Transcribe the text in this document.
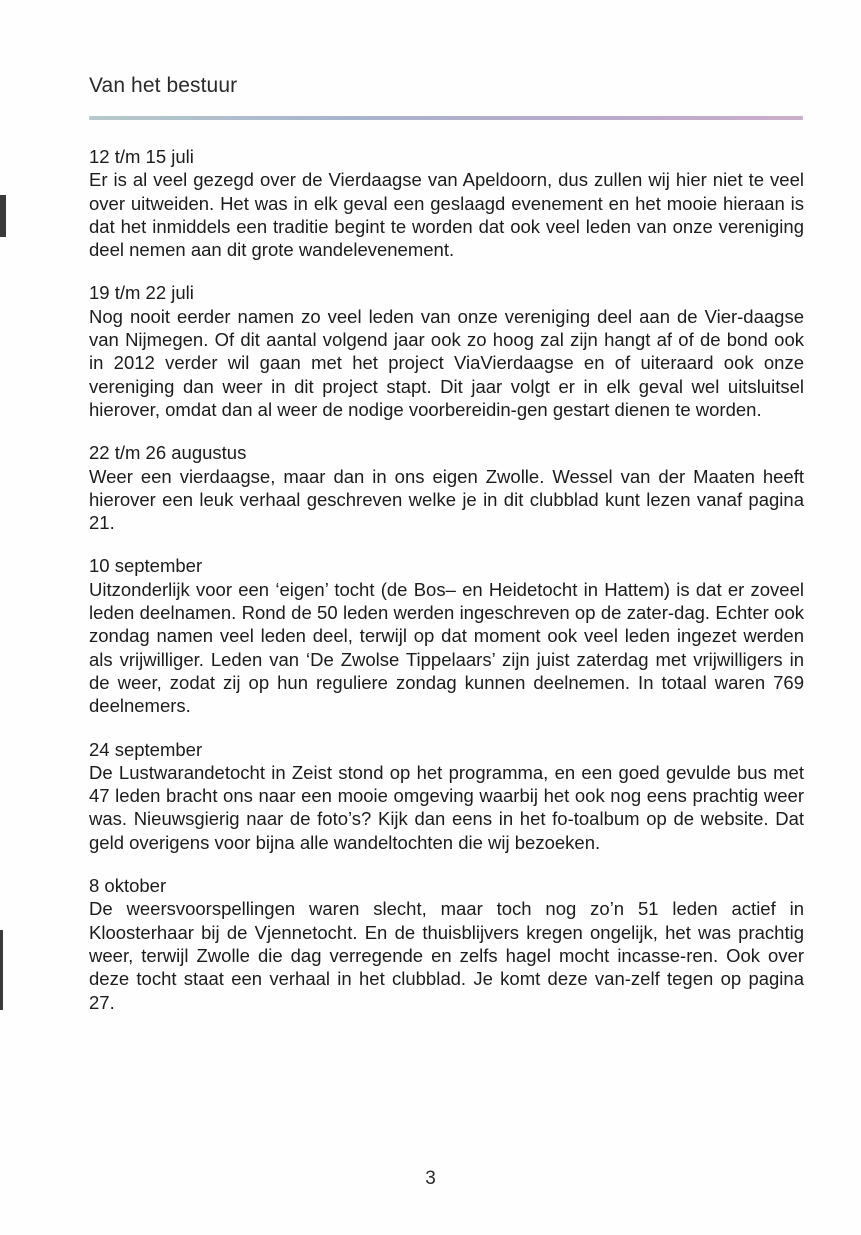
Van het bestuur
12 t/m 15 juli

Er is al veel gezegd over de Vierdaagse van Apeldoorn, dus zullen wij hier niet te veel over uitweiden. Het was in elk geval een geslaagd evenement en het mooie hieraan is dat het inmiddels een traditie begint te worden dat ook veel leden van onze vereniging deel nemen aan dit grote wandelevenement.

19 t/m 22 juli

Nog nooit eerder namen zo veel leden van onze vereniging deel aan de Vier-daagse van Nijmegen. Of dit aantal volgend jaar ook zo hoog zal zijn hangt af of de bond ook in 2012 verder wil gaan met het project ViaVierdaagse en of uiteraard ook onze vereniging dan weer in dit project stapt. Dit jaar volgt er in elk geval wel uitsluitsel hierover, omdat dan al weer de nodige voorbereidin-gen gestart dienen te worden.

22 t/m 26 augustus

Weer een vierdaagse, maar dan in ons eigen Zwolle. Wessel van der Maaten heeft hierover een leuk verhaal geschreven welke je in dit clubblad kunt lezen vanaf pagina 21.

10 september

Uitzonderlijk voor een ‘eigen’ tocht (de Bos– en Heidetocht in Hattem) is dat er zoveel leden deelnamen. Rond de 50 leden werden ingeschreven op de zater-dag. Echter ook zondag namen veel leden deel, terwijl op dat moment ook veel leden ingezet werden als vrijwilliger. Leden van ‘De Zwolse Tippelaars’ zijn juist zaterdag met vrijwilligers in de weer, zodat zij op hun reguliere zondag kunnen deelnemen. In totaal waren 769 deelnemers.

24 september

De Lustwarandetocht in Zeist stond op het programma, en een goed gevulde bus met 47 leden bracht ons naar een mooie omgeving waarbij het ook nog eens prachtig weer was. Nieuwsgierig naar de foto’s? Kijk dan eens in het fo-toalbum op de website. Dat geld overigens voor bijna alle wandeltochten die wij bezoeken.

8 oktober

De weersvoorspellingen waren slecht, maar toch nog zo’n 51 leden actief in Kloosterhaar bij de Vjennetocht. En de thuisblijvers kregen ongelijk, het was prachtig weer, terwijl Zwolle die dag verregende en zelfs hagel mocht incasse-ren. Ook over deze tocht staat een verhaal in het clubblad. Je komt deze van-zelf tegen op pagina 27.

3
